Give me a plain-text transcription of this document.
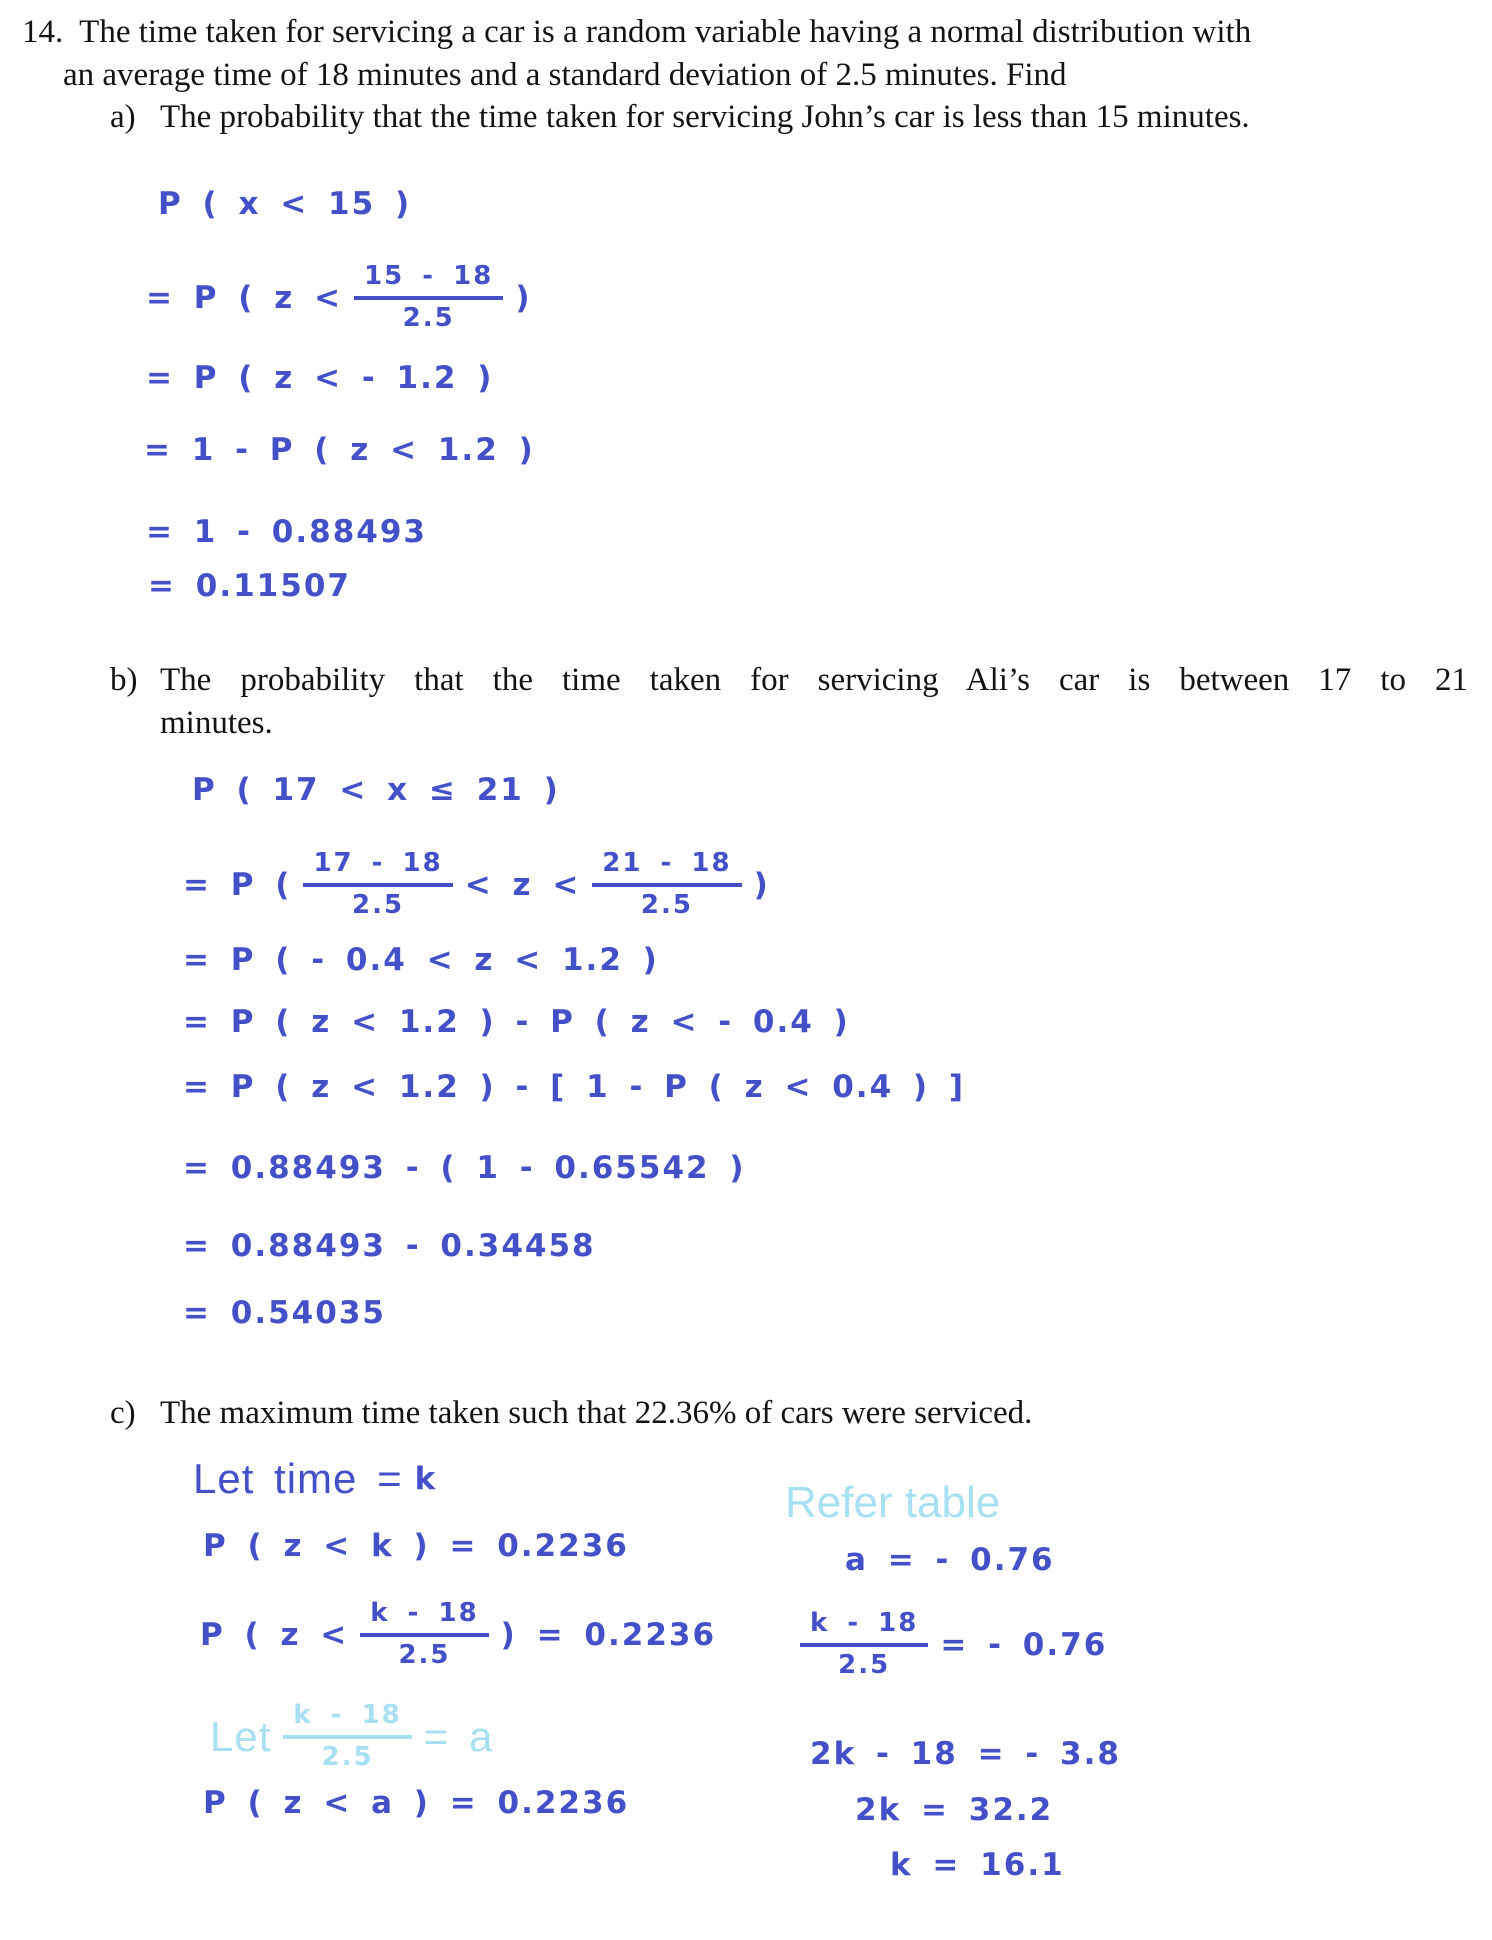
14. The time taken for servicing a car is a random variable having a normal distribution with
an average time of 18 minutes and a standard deviation of 2.5 minutes. Find
a) The probability that the time taken for servicing John’s car is less than 15 minutes.
P ( x < 15 )
= P ( $z < \frac{15 - 18}{2.5}$ )
= P ( z < - 1.2 )
= 1 - P ( z < 1.2 )
= 1 - 0.88493
= 0.11507
b) The probability that the time taken for servicing Ali’s car is between 17 to 21
minutes.
P ( 17 < x ≤ 21 )
= P ( $\frac{17 - 18}{2.5} < z < \frac{21 - 18}{2.5}$ )
= P ( - 0.4 < z < 1.2 )
= P ( z < 1.2 ) - P ( z < - 0.4 )
= P ( z < 1.2 ) - [ 1 - P ( z < 0.4 ) ]
= 0.88493 - ( 1 - 0.65542 )
= 0.88493 - 0.34458
= 0.54035
c) The maximum time taken such that 22.36% of cars were serviced.
Let time = k
P ( z < k ) = 0.2236
P ( $z < \frac{k - 18}{2.5}$ ) = 0.2236
Let $\frac{k - 18}{2.5} = a$
P ( z < a ) = 0.2236
Refer table
a = - 0.76
$\frac{k - 18}{2.5}$ = - 0.76
2k - 18 = - 3.8
2k = 32.2
k = 16.1
